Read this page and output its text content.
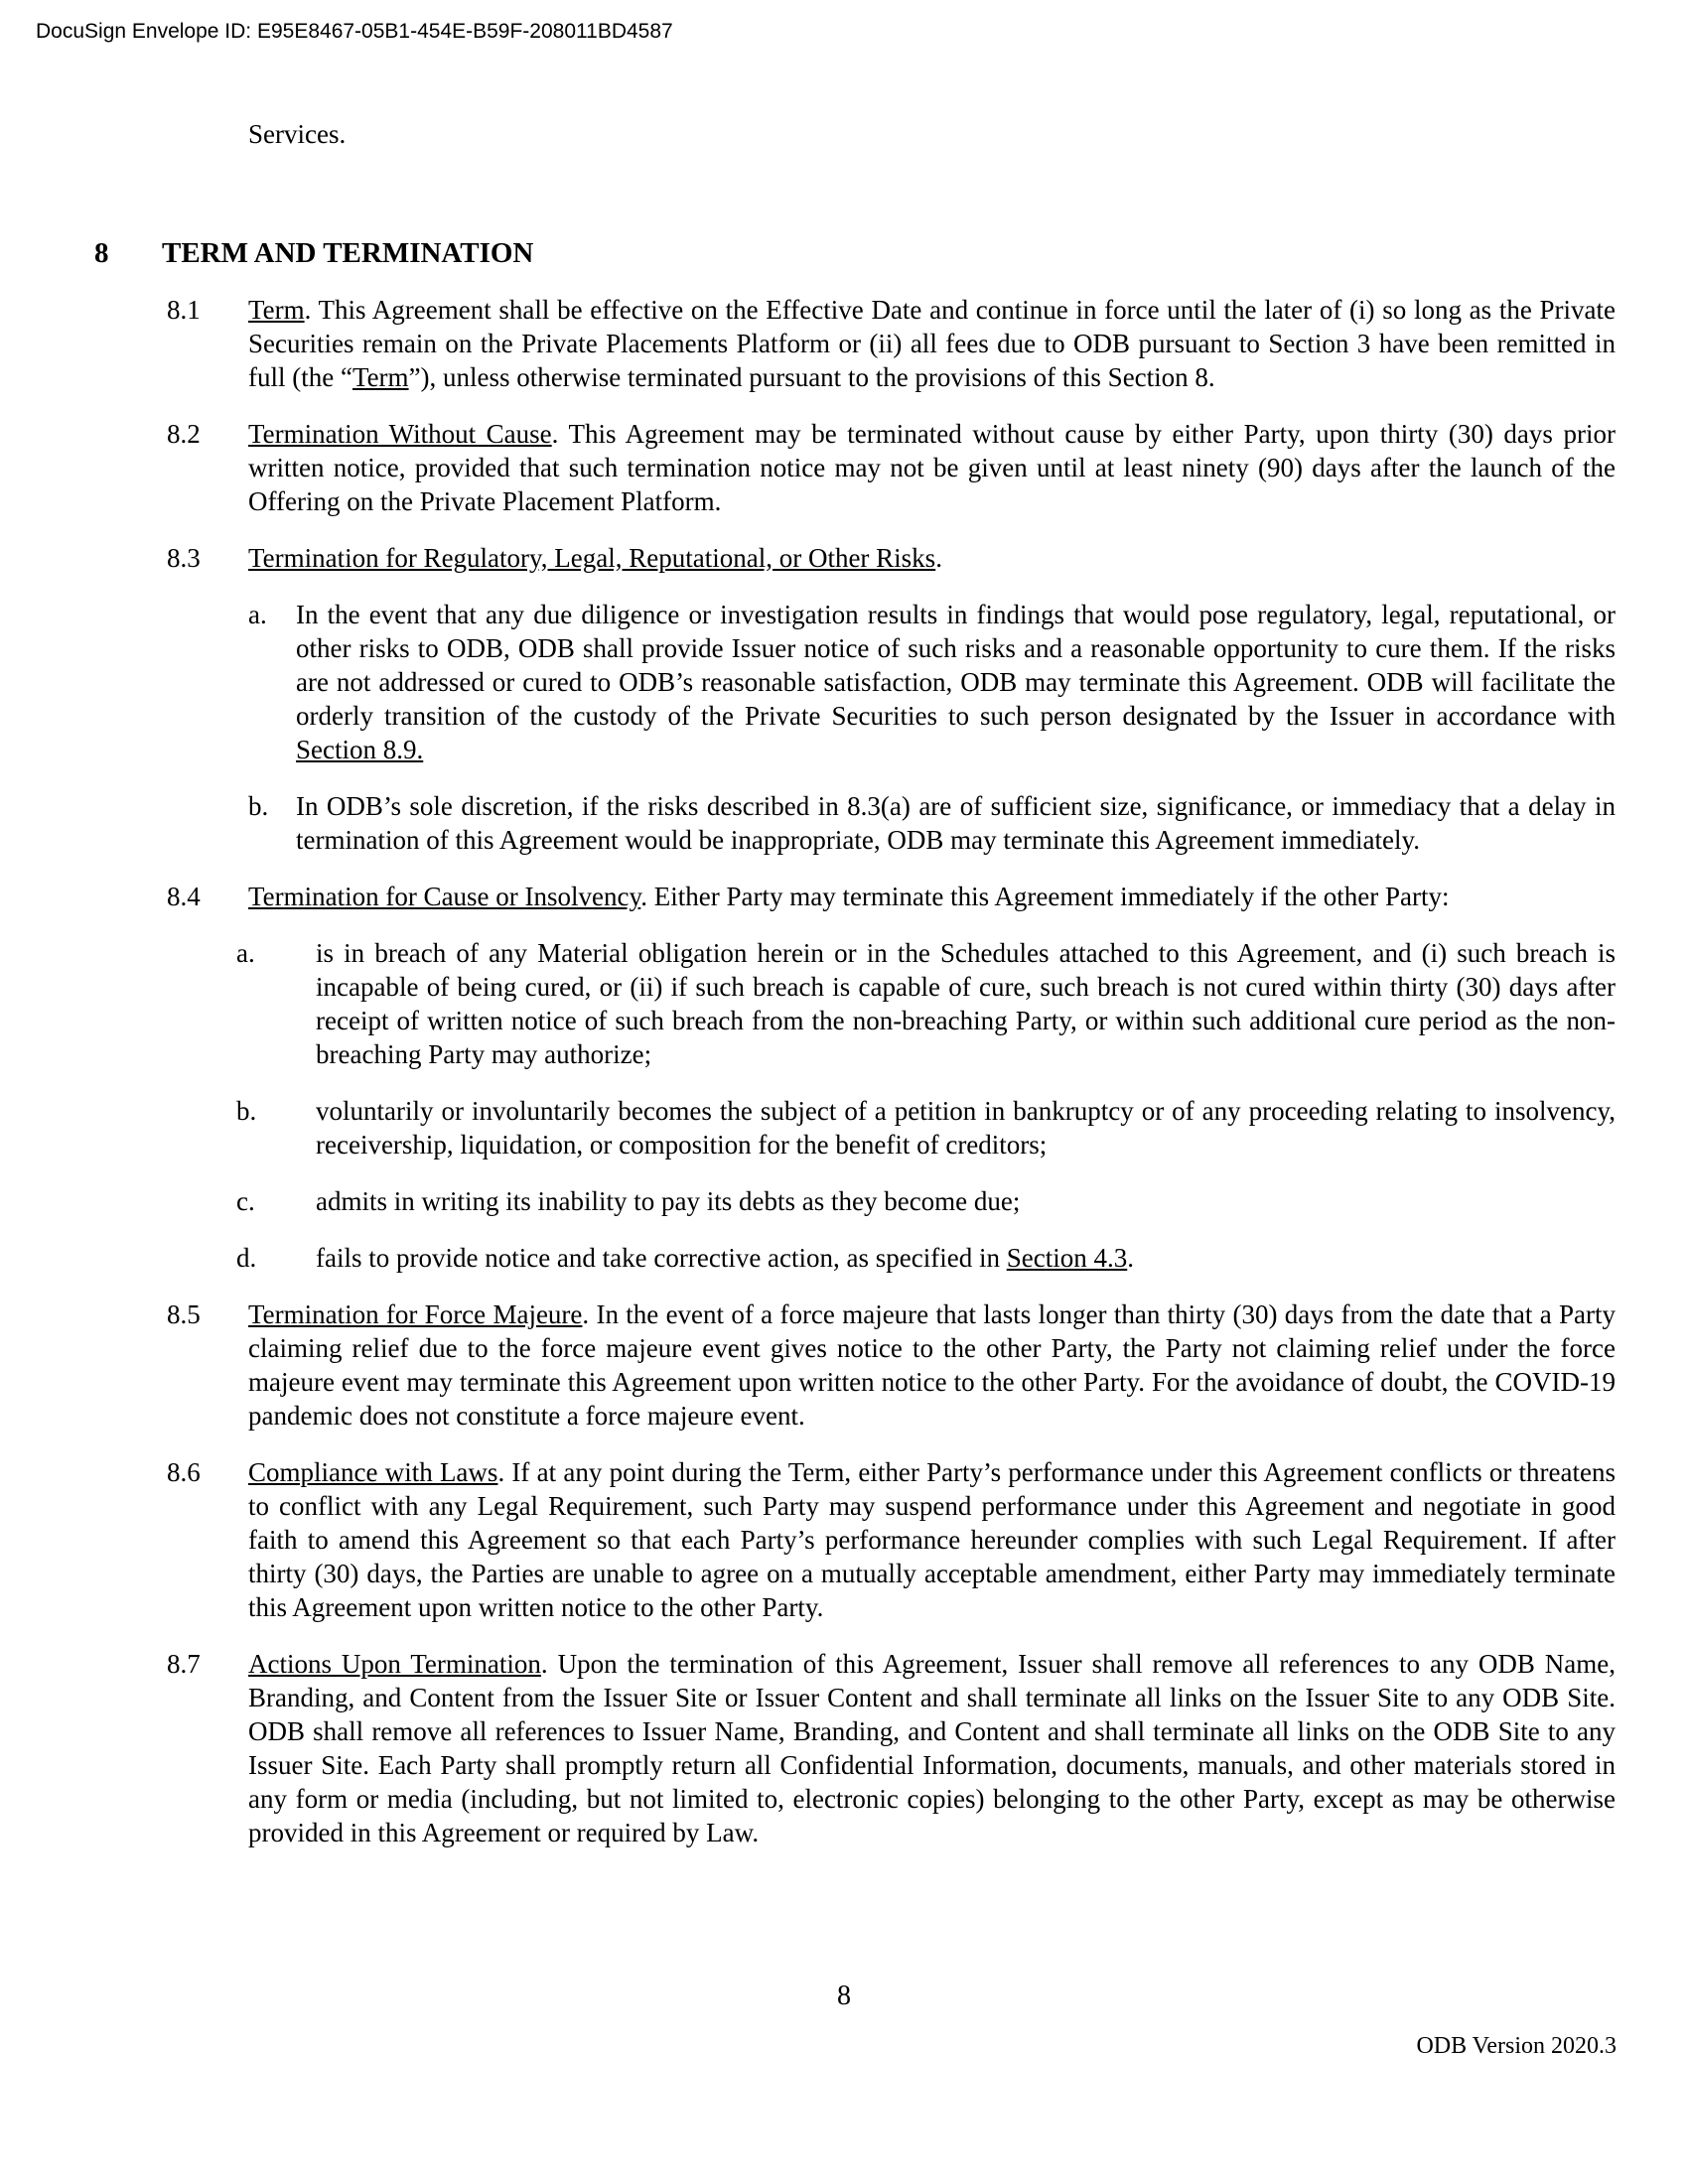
DocuSign Envelope ID: E95E8467-05B1-454E-B59F-208011BD4587
Services.
8 TERM AND TERMINATION
8.1 Term. This Agreement shall be effective on the Effective Date and continue in force until the later of (i) so long as the Private Securities remain on the Private Placements Platform or (ii) all fees due to ODB pursuant to Section 3 have been remitted in full (the “Term”), unless otherwise terminated pursuant to the provisions of this Section 8.
8.2 Termination Without Cause. This Agreement may be terminated without cause by either Party, upon thirty (30) days prior written notice, provided that such termination notice may not be given until at least ninety (90) days after the launch of the Offering on the Private Placement Platform.
8.3 Termination for Regulatory, Legal, Reputational, or Other Risks.
a. In the event that any due diligence or investigation results in findings that would pose regulatory, legal, reputational, or other risks to ODB, ODB shall provide Issuer notice of such risks and a reasonable opportunity to cure them. If the risks are not addressed or cured to ODB’s reasonable satisfaction, ODB may terminate this Agreement. ODB will facilitate the orderly transition of the custody of the Private Securities to such person designated by the Issuer in accordance with Section 8.9.
b. In ODB’s sole discretion, if the risks described in 8.3(a) are of sufficient size, significance, or immediacy that a delay in termination of this Agreement would be inappropriate, ODB may terminate this Agreement immediately.
8.4 Termination for Cause or Insolvency. Either Party may terminate this Agreement immediately if the other Party:
a. is in breach of any Material obligation herein or in the Schedules attached to this Agreement, and (i) such breach is incapable of being cured, or (ii) if such breach is capable of cure, such breach is not cured within thirty (30) days after receipt of written notice of such breach from the non-breaching Party, or within such additional cure period as the non-breaching Party may authorize;
b. voluntarily or involuntarily becomes the subject of a petition in bankruptcy or of any proceeding relating to insolvency, receivership, liquidation, or composition for the benefit of creditors;
c. admits in writing its inability to pay its debts as they become due;
d. fails to provide notice and take corrective action, as specified in Section 4.3.
8.5 Termination for Force Majeure. In the event of a force majeure that lasts longer than thirty (30) days from the date that a Party claiming relief due to the force majeure event gives notice to the other Party, the Party not claiming relief under the force majeure event may terminate this Agreement upon written notice to the other Party. For the avoidance of doubt, the COVID-19 pandemic does not constitute a force majeure event.
8.6 Compliance with Laws. If at any point during the Term, either Party’s performance under this Agreement conflicts or threatens to conflict with any Legal Requirement, such Party may suspend performance under this Agreement and negotiate in good faith to amend this Agreement so that each Party’s performance hereunder complies with such Legal Requirement. If after thirty (30) days, the Parties are unable to agree on a mutually acceptable amendment, either Party may immediately terminate this Agreement upon written notice to the other Party.
8.7 Actions Upon Termination. Upon the termination of this Agreement, Issuer shall remove all references to any ODB Name, Branding, and Content from the Issuer Site or Issuer Content and shall terminate all links on the Issuer Site to any ODB Site. ODB shall remove all references to Issuer Name, Branding, and Content and shall terminate all links on the ODB Site to any Issuer Site. Each Party shall promptly return all Confidential Information, documents, manuals, and other materials stored in any form or media (including, but not limited to, electronic copies) belonging to the other Party, except as may be otherwise provided in this Agreement or required by Law.
8
ODB Version 2020.3
